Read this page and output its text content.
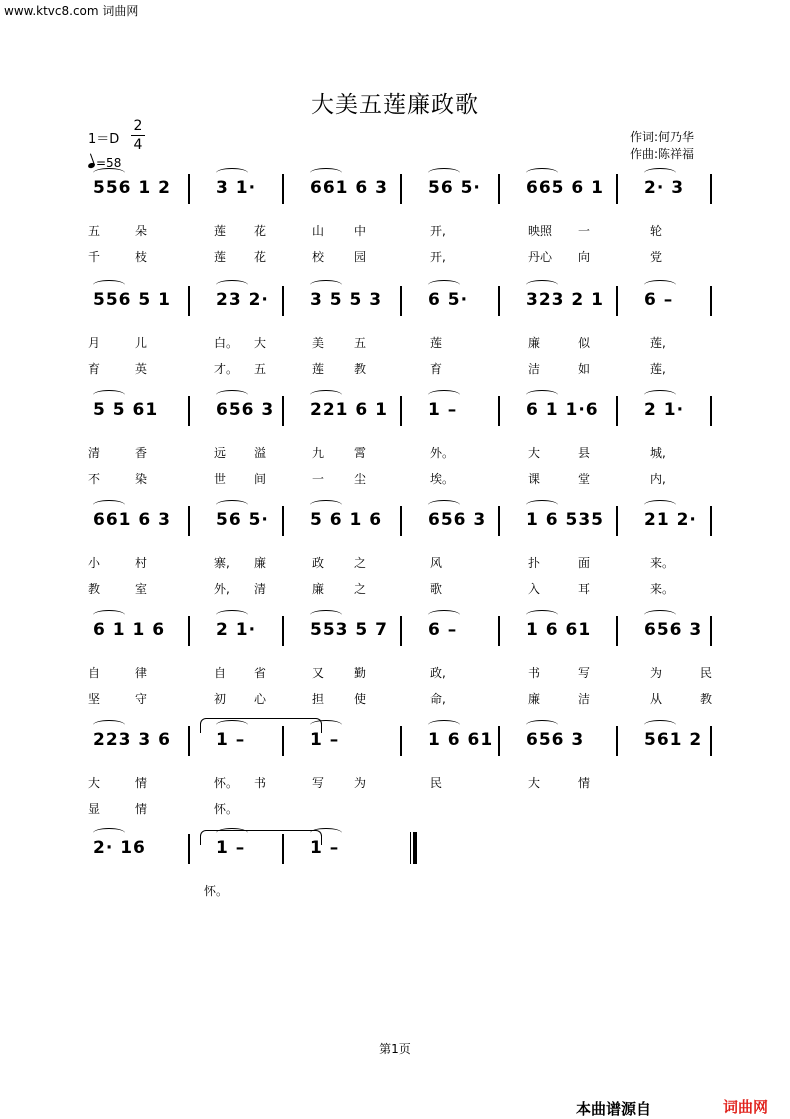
www.ktvc8.com 词曲网
大美五莲廉政歌
1＝D
2
4
=58
作词:何乃华
作曲:陈祥福
556 1 2	3 1·	661 6 3 56 5·	665 6 1 2· 3
五	朵	莲 花	山 中	开,	映照 一	轮
千	枝	莲 花	校 园	开,	丹心 向	党
556 5 1	23 2· 3 5 5 3	6 5·	323 2 1 6 –
月	儿	白。 大	美 五	莲	廉	似	莲,
育	英	才。 五	莲 教	育	洁	如	莲,
5 5 61	656 3 221 6 1 1 –	6 1 1·6	2 1·
清	香	远 溢	九 霄	外。	大	县	城,
不	染	世 间	一 尘	埃。	课	堂	内,
661 6 3	56 5· 5 6 1 6	656 3 1 6 535 21 2·
小	村	寨, 廉	政 之	风	扑	面	来。
教	室	外, 清	廉 之	歌	入	耳	来。
6 1 1 6	2 1·	553 5 7 6 –	1 6 61	656 3
自	律	自 省	又 勤	政,	书	写	为	民
坚	守	初 心	担 使	命,	廉	洁	从	教
223 3 6	1 –	1 –	1 6 61 656 3	561 2
大	情	怀。 书	写 为	民	大	情
显	情	怀。
2· 16	1 –	1 –
怀。
第1页
本曲谱源自	词曲网
